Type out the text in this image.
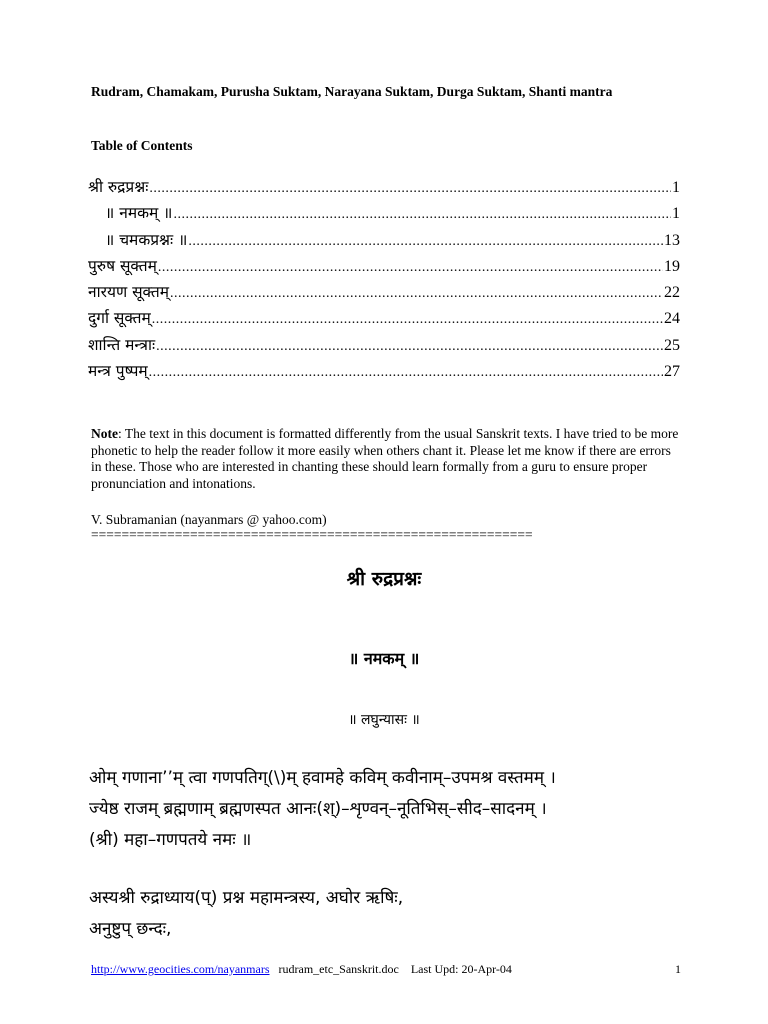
Rudram, Chamakam, Purusha Suktam, Narayana Suktam, Durga Suktam, Shanti mantra
Table of Contents
श्री रुद्रप्रश्नः .....	1
॥ नमकम् ॥ .....	1
॥ चमकप्रश्नः ॥ .....	13
पुरुष सूक्तम् .....	19
नारयण सूक्तम् .....	22
दुर्गा सूक्तम् .....	24
शान्ति मन्त्राः .....	25
मन्त्र पुष्पम् .....	27
Note: The text in this document is formatted differently from the usual Sanskrit texts. I have tried to be more phonetic to help the reader follow it more easily when others chant it. Please let me know if there are errors in these. Those who are interested in chanting these should learn formally from a guru to ensure proper pronunciation and intonations.
V. Subramanian (nayanmars @ yahoo.com)
==========================================================
श्री रुद्रप्रश्नः
॥ नमकम् ॥
॥ लघुन्यासः ॥
ओम् गणाना’’म् त्वा गणपतिग्(\)म् हवामहे कविम् कवीनाम्–उपमश्र वस्तमम् ।
ज्येष्ठ राजम् ब्रह्मणाम् ब्रह्मणस्पत आनः(श्)–शृण्वन्–नूतिभिस्–सीद–सादनम् ।
(श्री) महा–गणपतये नमः ॥
अस्यश्री रुद्राध्याय(प्) प्रश्न महामन्त्रस्य, अघोर ऋषिः,
अनुष्टुप् छन्दः,
http://www.geocities.com/nayanmars rudram_etc_Sanskrit.doc Last Upd: 20-Apr-04	1
